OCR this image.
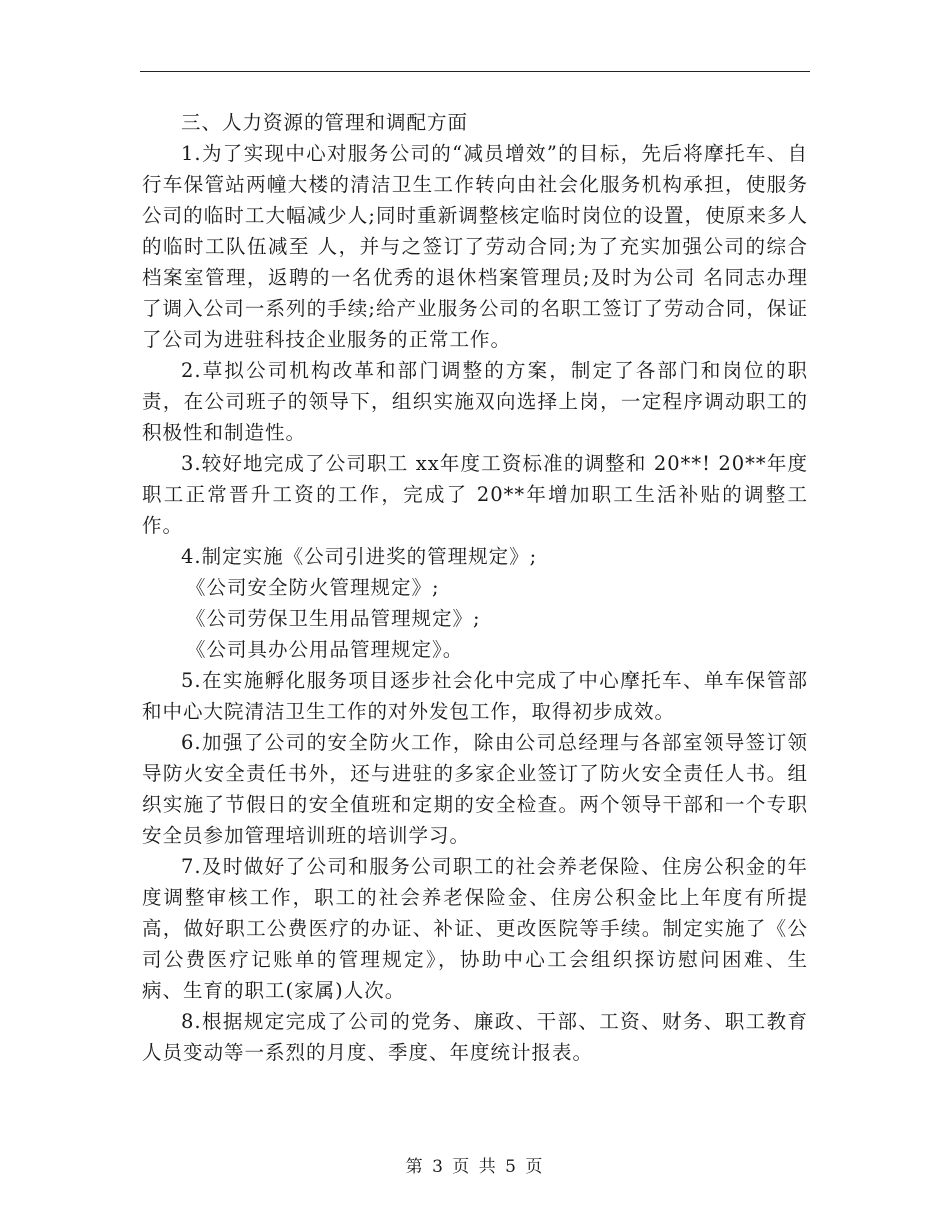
三、人力资源的管理和调配方面

1.为了实现中心对服务公司的“减员增效”的目标，先后将摩托车、自行车保管站两幢大楼的清洁卫生工作转向由社会化服务机构承担，使服务公司的临时工大幅减少人;同时重新调整核定临时岗位的设置，使原来多人的临时工队伍减至 人，并与之签订了劳动合同;为了充实加强公司的综合档案室管理，返聘的一名优秀的退休档案管理员;及时为公司 名同志办理了调入公司一系列的手续;给产业服务公司的名职工签订了劳动合同，保证了公司为进驻科技企业服务的正常工作。

2.草拟公司机构改革和部门调整的方案，制定了各部门和岗位的职责，在公司班子的领导下，组织实施双向选择上岗，一定程序调动职工的积极性和制造性。

3.较好地完成了公司职工 xx年度工资标准的调整和 20**! 20**年度职工正常晋升工资的工作，完成了 20**年增加职工生活补贴的调整工作。

4.制定实施《公司引进奖的管理规定》;

《公司安全防火管理规定》;

《公司劳保卫生用品管理规定》;

《公司具办公用品管理规定》。

5.在实施孵化服务项目逐步社会化中完成了中心摩托车、单车保管部和中心大院清洁卫生工作的对外发包工作，取得初步成效。

6.加强了公司的安全防火工作，除由公司总经理与各部室领导签订领导防火安全责任书外，还与进驻的多家企业签订了防火安全责任人书。组织实施了节假日的安全值班和定期的安全检查。两个领导干部和一个专职安全员参加管理培训班的培训学习。

7.及时做好了公司和服务公司职工的社会养老保险、住房公积金的年度调整审核工作，职工的社会养老保险金、住房公积金比上年度有所提高，做好职工公费医疗的办证、补证、更改医院等手续。制定实施了《公司公费医疗记账单的管理规定》，协助中心工会组织探访慰问困难、生病、生育的职工(家属)人次。

8.根据规定完成了公司的党务、廉政、干部、工资、财务、职工教育人员变动等一系烈的月度、季度、年度统计报表。

第 3 页 共 5 页
